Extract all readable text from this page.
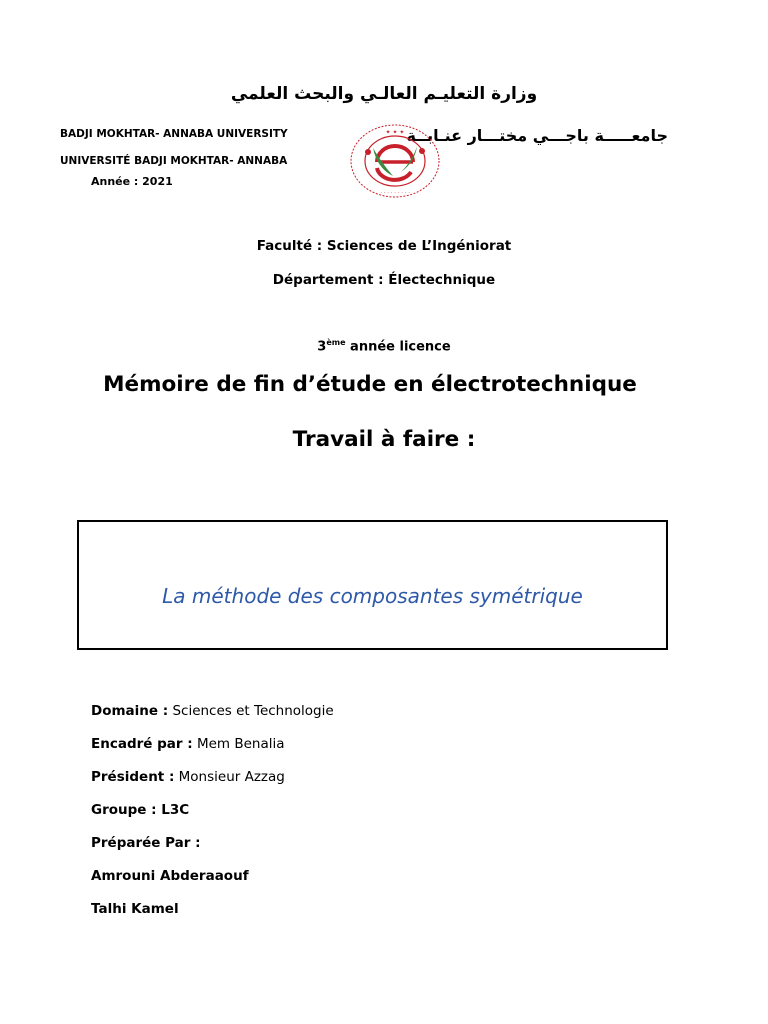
وزارة التعليـم العالـي والبحث العلمي
BADJI MOKHTAR- ANNABA UNIVERSITY
UNIVERSITÉ BADJI MOKHTAR- ANNABA
Année : 2021
جامعـــــة باجـــي مختـــار عنـابــة
✦ ✦ ✦
· · · · · · · · ·
Faculté : Sciences de L’Ingéniorat
Département : Électechnique
3ème année licence
Mémoire de fin d’étude en électrotechnique
Travail à faire :
La méthode des composantes symétrique
Domaine : Sciences et Technologie
Encadré par : Mem Benalia
Président : Monsieur Azzag
Groupe : L3C
Préparée Par :
Amrouni Abderaaouf
Talhi Kamel
